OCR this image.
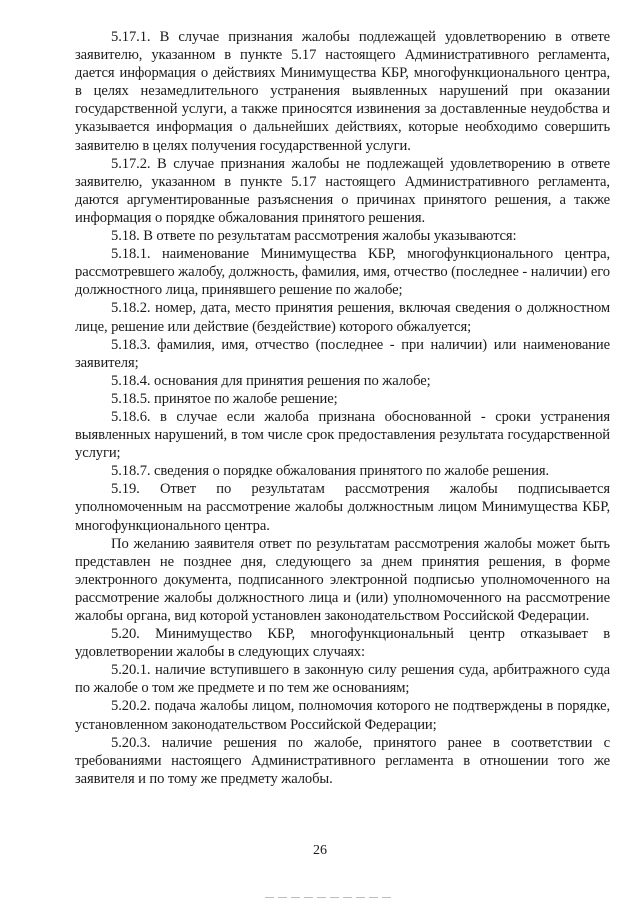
5.17.1. В случае признания жалобы подлежащей удовлетворению в ответе заявителю, указанном в пункте 5.17 настоящего Административного регламента, дается информация о действиях Минимущества КБР, многофункционального центра, в целях незамедлительного устранения выявленных нарушений при оказании государственной услуги, а также приносятся извинения за доставленные неудобства и указывается информация о дальнейших действиях, которые необходимо совершить заявителю в целях получения государственной услуги.

5.17.2. В случае признания жалобы не подлежащей удовлетворению в ответе заявителю, указанном в пункте 5.17 настоящего Административного регламента, даются аргументированные разъяснения о причинах принятого решения, а также информация о порядке обжалования принятого решения.

5.18. В ответе по результатам рассмотрения жалобы указываются:

5.18.1. наименование Минимущества КБР, многофункционального центра, рассмотревшего жалобу, должность, фамилия, имя, отчество (последнее - наличии) его должностного лица, принявшего решение по жалобе;

5.18.2. номер, дата, место принятия решения, включая сведения о должностном лице, решение или действие (бездействие) которого обжалуется;

5.18.3. фамилия, имя, отчество (последнее - при наличии) или наименование заявителя;

5.18.4. основания для принятия решения по жалобе;

5.18.5. принятое по жалобе решение;

5.18.6. в случае если жалоба признана обоснованной - сроки устранения выявленных нарушений, в том числе срок предоставления результата государственной услуги;

5.18.7. сведения о порядке обжалования принятого по жалобе решения.

5.19. Ответ по результатам рассмотрения жалобы подписывается уполномоченным на рассмотрение жалобы должностным лицом Минимущества КБР, многофункционального центра.

По желанию заявителя ответ по результатам рассмотрения жалобы может быть представлен не позднее дня, следующего за днем принятия решения, в форме электронного документа, подписанного электронной подписью уполномоченного на рассмотрение жалобы должностного лица и (или) уполномоченного на рассмотрение жалобы органа, вид которой установлен законодательством Российской Федерации.

5.20. Минимущество КБР, многофункциональный центр отказывает в удовлетворении жалобы в следующих случаях:

5.20.1. наличие вступившего в законную силу решения суда, арбитражного суда по жалобе о том же предмете и по тем же основаниям;

5.20.2. подача жалобы лицом, полномочия которого не подтверждены в порядке, установленном законодательством Российской Федерации;

5.20.3. наличие решения по жалобе, принятого ранее в соответствии с требованиями настоящего Административного регламента в отношении того же заявителя и по тому же предмету жалобы.

26
